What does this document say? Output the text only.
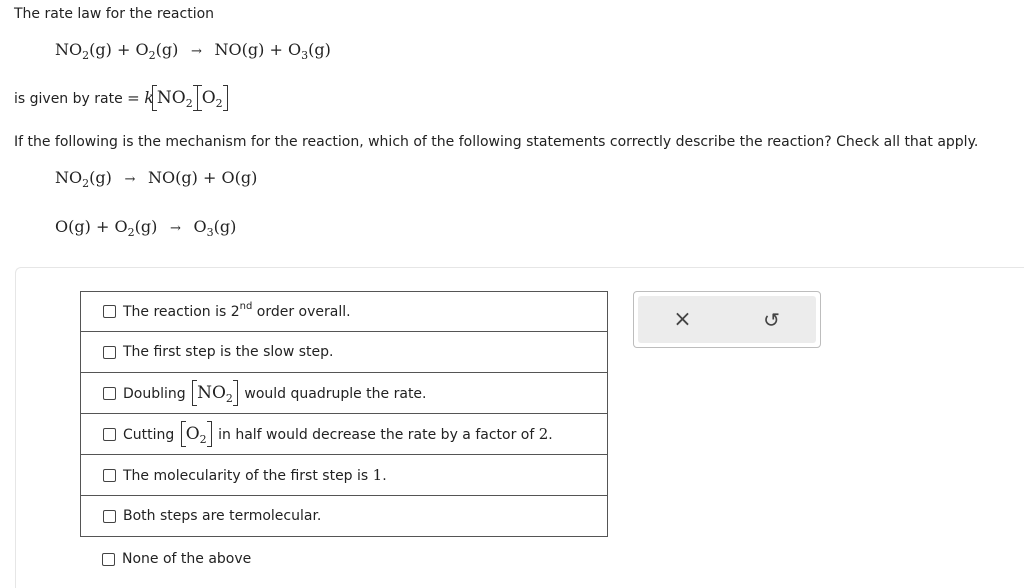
The rate law for the reaction
$NO_2(g) + O_2(g) \to NO(g) + O_3(g)$
is given by rate = k $NO_2$ $O_2$
If the following is the mechanism for the reaction, which of the following statements correctly describe the reaction? Check all that apply.
$NO_2(g) \to NO(g) + O(g)$
$O(g) + O_2(g) \to O_3(g)$
The reaction is 2nd order overall.
The first step is the slow step.
Doubling $NO_2$ would quadruple the rate.
Cutting $O_2$ in half would decrease the rate by a factor of 2.
The molecularity of the first step is 1.
Both steps are termolecular.
None of the above
×	↺
